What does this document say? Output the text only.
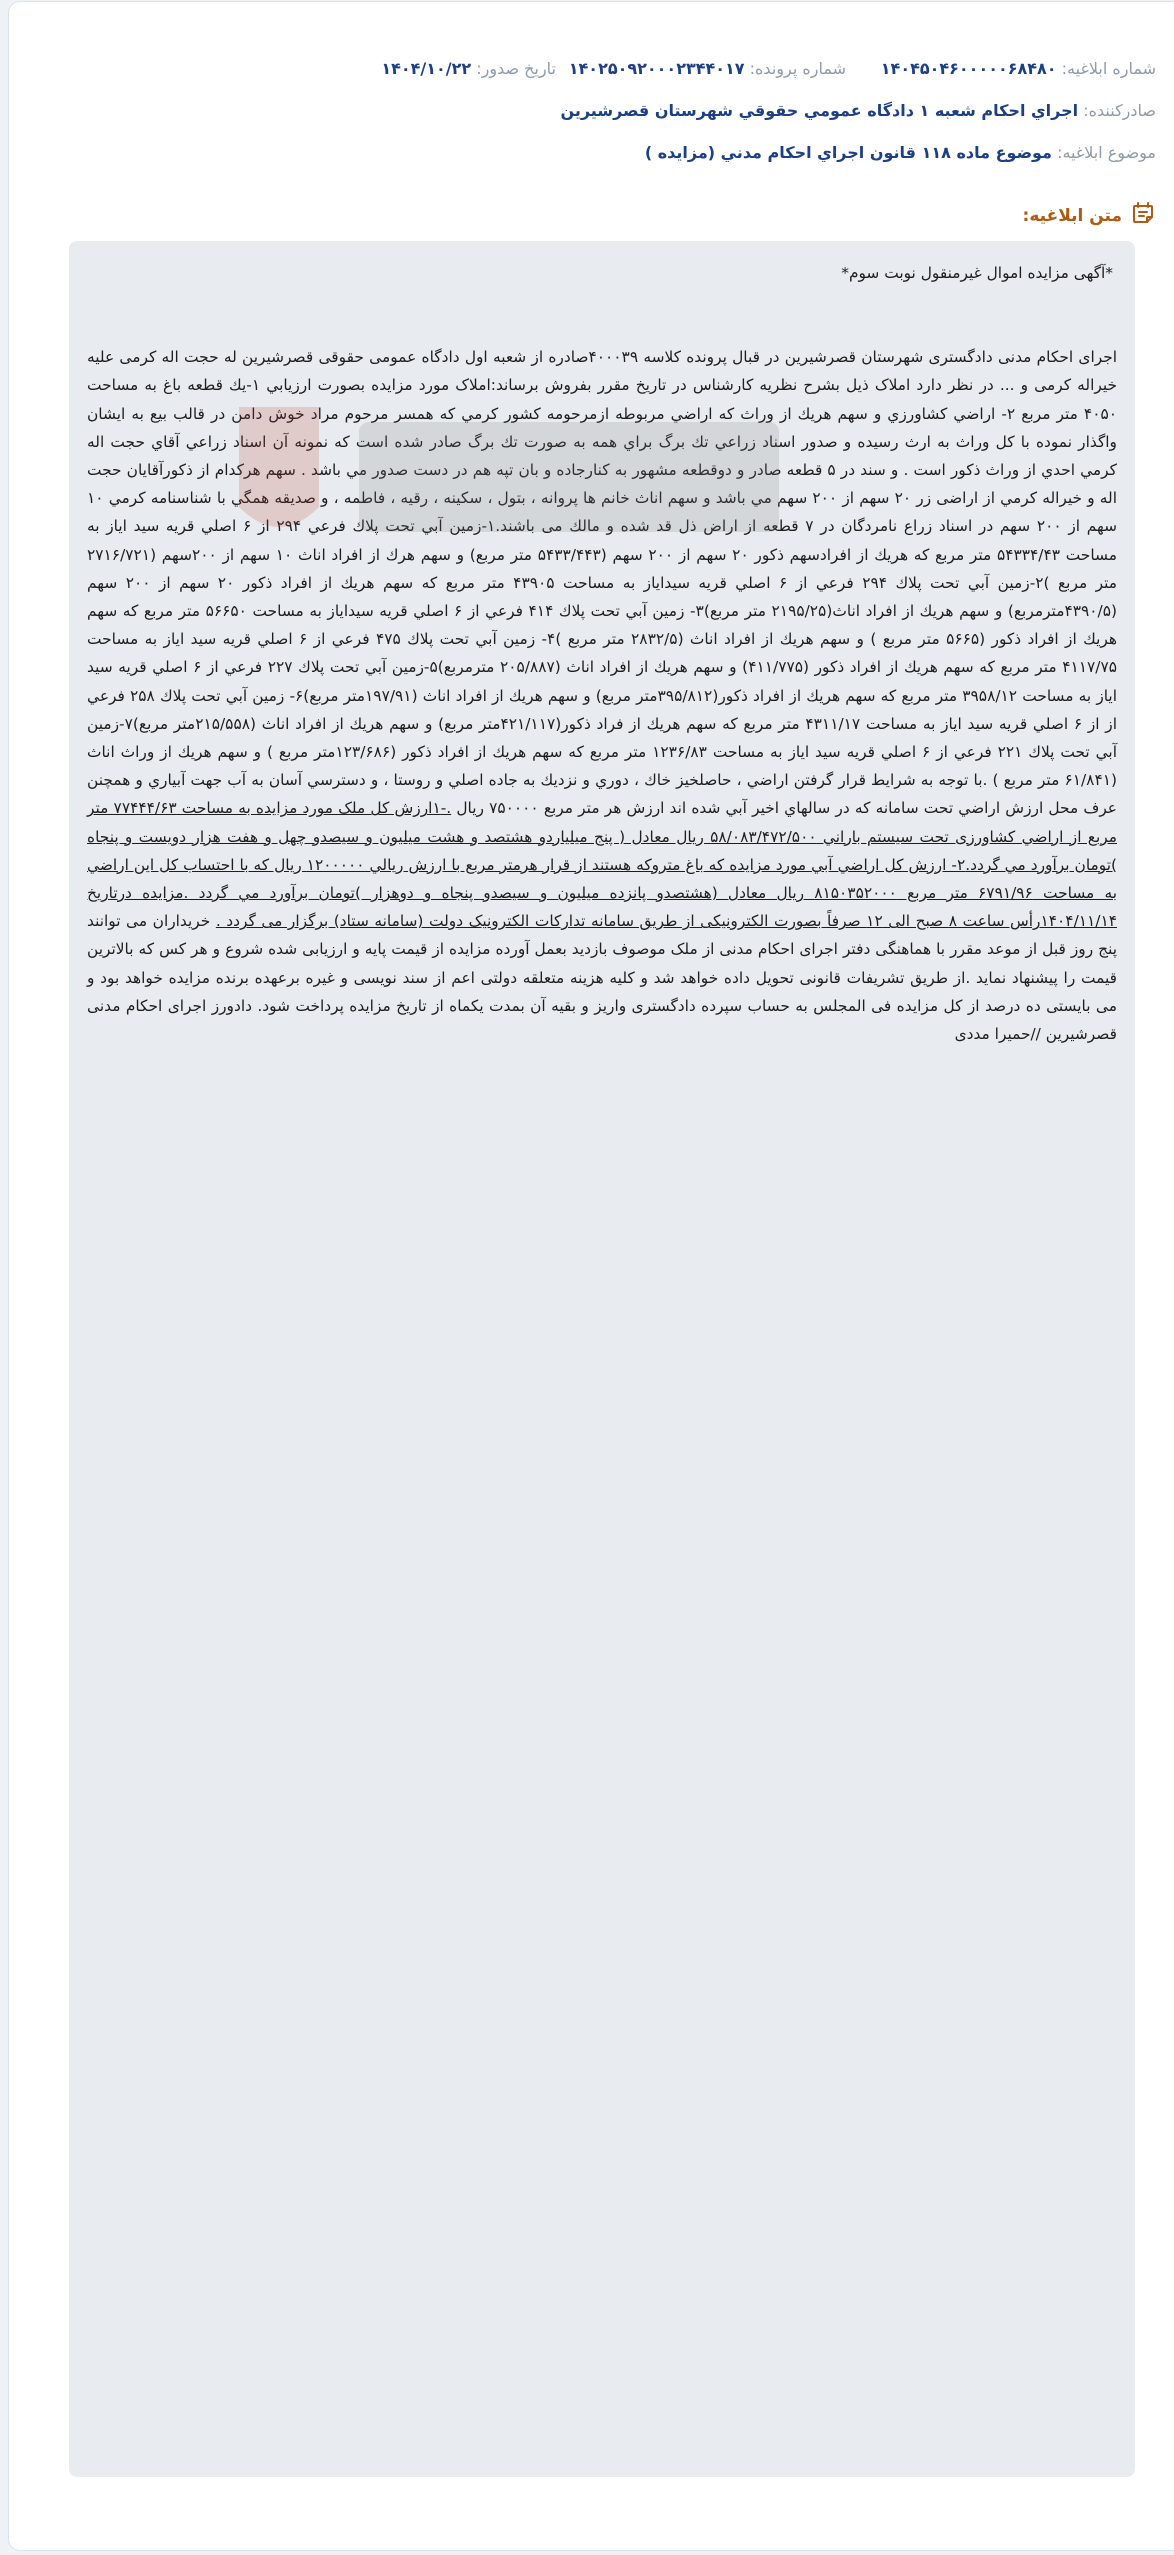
شماره ابلاغیه: ۱۴۰۴۵۰۴۶۰۰۰۰۰۶۸۴۸۰
شماره پرونده: ۱۴۰۲۵۰۹۲۰۰۰۲۳۴۴۰۱۷
تاریخ صدور: ۱۴۰۴/۱۰/۲۲
صادرکننده: اجراي احكام شعبه ۱ دادگاه عمومي حقوقي شهرستان قصرشيرين
موضوع ابلاغیه: موضوع ماده ۱۱۸ قانون اجراي احكام مدني (مزايده )
متن ابلاغیه:

*آگهی مزایده اموال غیرمنقول نوبت سوم*

اجرای احکام مدنی دادگستری شهرستان قصرشیرین در قبال پرونده کلاسه ۴۰۰۰۳۹صادره از شعبه اول دادگاه عمومی حقوقی قصرشیرین له حجت اله کرمی علیه خیراله کرمی و ... در نظر دارد املاک ذیل بشرح نظریه کارشناس در تاریخ مقرر بفروش برساند:املاک مورد مزايده بصورت ارزيابي ۱-يك قطعه باغ به مساحت ۴۰۵۰ متر مربع ۲- اراضي كشاورزي و سهم هريك از وراث كه اراضي مربوطه ازمرحومه كشور كرمي كه همسر مرحوم مراد خوش دامن در قالب بيع به ايشان واگذار نموده با كل وراث به ارث رسيده و صدور اسناد زراعي تك برگ براي همه به صورت تك برگ صادر شده است كه نمونه آن اسناد زراعي آقاي حجت اله كرمي احدي از وراث ذكور است . و سند در ۵ قطعه صادر و دوقطعه مشهور به كنارجاده و بان تپه هم در دست صدور مي باشد . سهم هركدام از ذكورآقايان حجت اله و خيراله كرمي از اراضی زر ۲۰ سهم از ۲۰۰ سهم مي باشد و سهم اناث خانم ها پروانه ، بتول ، سكينه ، رقيه ، فاطمه ، و صديقه همگي با شناسنامه كرمي ۱۰ سهم از ۲۰۰ سهم در اسناد زراع نامردگان در ۷ قطعه از اراض ذل قد شده و مالك می باشند.۱-زمين آبي تحت پلاك فرعي ۲۹۴ از ۶ اصلي قريه سيد اياز به مساحت ۵۴۳۳۴/۴۳ متر مربع كه هريك از افرادسهم ذكور ۲۰ سهم از ۲۰۰ سهم (۵۴۳۳/۴۴۳ متر مربع) و سهم هرك از افراد اناث ۱۰ سهم از ۲۰۰سهم (۲۷۱۶/۷۲۱ متر مربع )۲-زمين آبي تحت پلاك ۲۹۴ فرعي از ۶ اصلي قريه سيداياز به مساحت ۴۳۹۰۵ متر مربع كه سهم هريك از افراد ذكور ۲۰ سهم از ۲۰۰ سهم (۴۳۹۰/۵مترمربع) و سهم هريك از افراد اناث(۲۱۹۵/۲۵ متر مربع)۳- زمين آبي تحت پلاك ۴۱۴ فرعي از ۶ اصلي قريه سيداياز به مساحت ۵۶۶۵۰ متر مربع كه سهم هريك از افراد ذكور (۵۶۶۵ متر مربع ) و سهم هريك از افراد اناث (۲۸۳۲/۵ متر مربع )۴- زمين آبي تحت پلاك ۴۷۵ فرعي از ۶ اصلي قريه سيد اياز به مساحت ۴۱۱۷/۷۵ متر مربع كه سهم هريك از افراد ذكور (۴۱۱/۷۷۵) و سهم هريك از افراد اناث (۲۰۵/۸۸۷ مترمربع)۵-زمين آبي تحت پلاك ۲۲۷ فرعي از ۶ اصلي قريه سيد اياز به مساحت ۳۹۵۸/۱۲ متر مربع كه سهم هريك از افراد ذكور(۳۹۵/۸۱۲متر مربع) و سهم هريك از افراد اناث (۱۹۷/۹۱متر مربع)۶- زمين آبي تحت پلاك ۲۵۸ فرعي از از ۶ اصلي قريه سيد اياز به مساحت ۴۳۱۱/۱۷ متر مربع كه سهم هريك از فراد ذكور(۴۲۱/۱۱۷متر مربع) و سهم هريك از افراد اناث (۲۱۵/۵۵۸متر مربع)۷-زمين آبي تحت پلاك ۲۲۱ فرعي از ۶ اصلي قريه سيد اياز به مساحت ۱۲۳۶/۸۳ متر مربع كه سهم هريك از افراد ذكور (۱۲۳/۶۸۶متر مربع ) و سهم هريك از وراث اناث (۶۱/۸۴۱ متر مربع ) .با توجه به شرايط قرار گرفتن اراضي ، حاصلخيز خاك ، دوري و نزديك به جاده اصلي و روستا ، و دسترسي آسان به آب جهت آبياري و همچنن عرف محل ارزش اراضي تحت سامانه كه در سالهاي اخير آبي شده اند ارزش هر متر مربع ۷۵۰۰۰۰ ريال .-۱ارزش كل ملک مورد مزايده به مساحت ۷۷۴۴۴/۶۳ متر مربع از اراضي كشاورزی تحت سيستم باراني ۵۸/۰۸۳/۴۷۲/۵۰۰ ريال معادل ( پنج ميلياردو هشتصد و هشت ميليون و سيصدو چهل و هفت هزار دويست و پنجاه )تومان برآورد مي گردد.۲- ارزش كل اراضي آبي مورد مزايده كه باغ متروكه هستند از قرار هرمتر مربع با ارزش ريالي ۱۲۰۰۰۰۰ ريال كه با احتساب كل اين اراضي به مساحت ۶۷۹۱/۹۶ متر مربع ۸۱۵۰۳۵۲۰۰۰ ريال معادل (هشتصدو پانزده ميليون و سيصدو پنجاه و دوهزار )تومان برآورد مي گردد .مزایده درتاریخ ۱۴۰۴/۱۱/۱۴رأس ساعت ۸ صبح الی ۱۲ صرفاً بصورت الکترونیکی از طریق سامانه تدارکات الکترونیک دولت (سامانه ستاد) برگزار می گردد . خریداران می توانند پنج روز قبل از موعد مقرر با هماهنگی دفتر اجرای احکام مدنی از ملک موصوف بازدید بعمل آورده مزایده از قیمت پایه و ارزیابی شده شروع و هر کس که بالاترین قیمت را پیشنهاد نماید .از طریق تشریفات قانونی تحویل داده خواهد شد و کلیه هزینه متعلقه دولتی اعم از سند نویسی و غیره برعهده برنده مزایده خواهد بود و می بایستی ده درصد از کل مزایده فی المجلس به حساب سپرده دادگستری واریز و بقیه آن بمدت یکماه از تاریخ مزایده پرداخت شود. دادورز اجرای احکام مدنی قصرشیرین //حمیرا مددی
